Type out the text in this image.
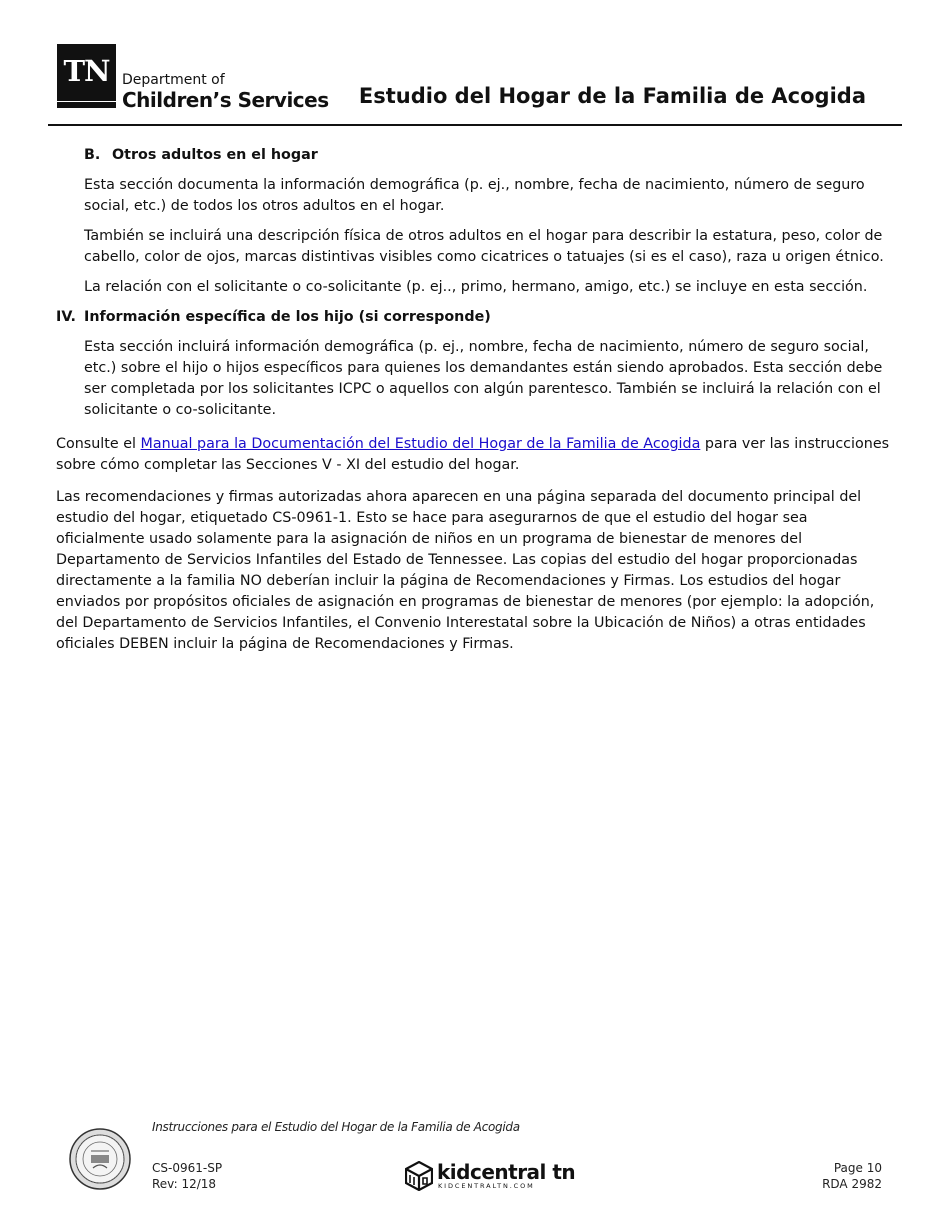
TN Department of
Children’s Services Estudio del Hogar de la Familia de Acogida

B. Otros adultos en el hogar

Esta sección documenta la información demográfica (p. ej., nombre, fecha de nacimiento, número de seguro social, etc.) de todos los otros adultos en el hogar.

También se incluirá una descripción física de otros adultos en el hogar para describir la estatura, peso, color de cabello, color de ojos, marcas distintivas visibles como cicatrices o tatuajes (si es el caso), raza u origen étnico.

La relación con el solicitante o co-solicitante (p. ej.., primo, hermano, amigo, etc.) se incluye en esta sección.

IV. Información específica de los hijo (si corresponde)

Esta sección incluirá información demográfica (p. ej., nombre, fecha de nacimiento, número de seguro social, etc.) sobre el hijo o hijos específicos para quienes los demandantes están siendo aprobados. Esta sección debe ser completada por los solicitantes ICPC o aquellos con algún parentesco. También se incluirá la relación con el solicitante o co-solicitante.

Consulte el Manual para la Documentación del Estudio del Hogar de la Familia de Acogida para ver las instrucciones sobre cómo completar las Secciones V - XI del estudio del hogar.

Las recomendaciones y firmas autorizadas ahora aparecen en una página separada del documento principal del estudio del hogar, etiquetado CS-0961-1. Esto se hace para asegurarnos de que el estudio del hogar sea oficialmente usado solamente para la asignación de niños en un programa de bienestar de menores del Departamento de Servicios Infantiles del Estado de Tennessee. Las copias del estudio del hogar proporcionadas directamente a la familia NO deberían incluir la página de Recomendaciones y Firmas. Los estudios del hogar enviados por propósitos oficiales de asignación en programas de bienestar de menores (por ejemplo: la adopción, del Departamento de Servicios Infantiles, el Convenio Interestatal sobre la Ubicación de Niños) a otras entidades oficiales DEBEN incluir la página de Recomendaciones y Firmas.

Instrucciones para el Estudio del Hogar de la Familia de Acogida
CS-0961-SP
Rev: 12/18	kidcentral tn
KIDCENTRALTN.COM
Page 10
RDA 2982
